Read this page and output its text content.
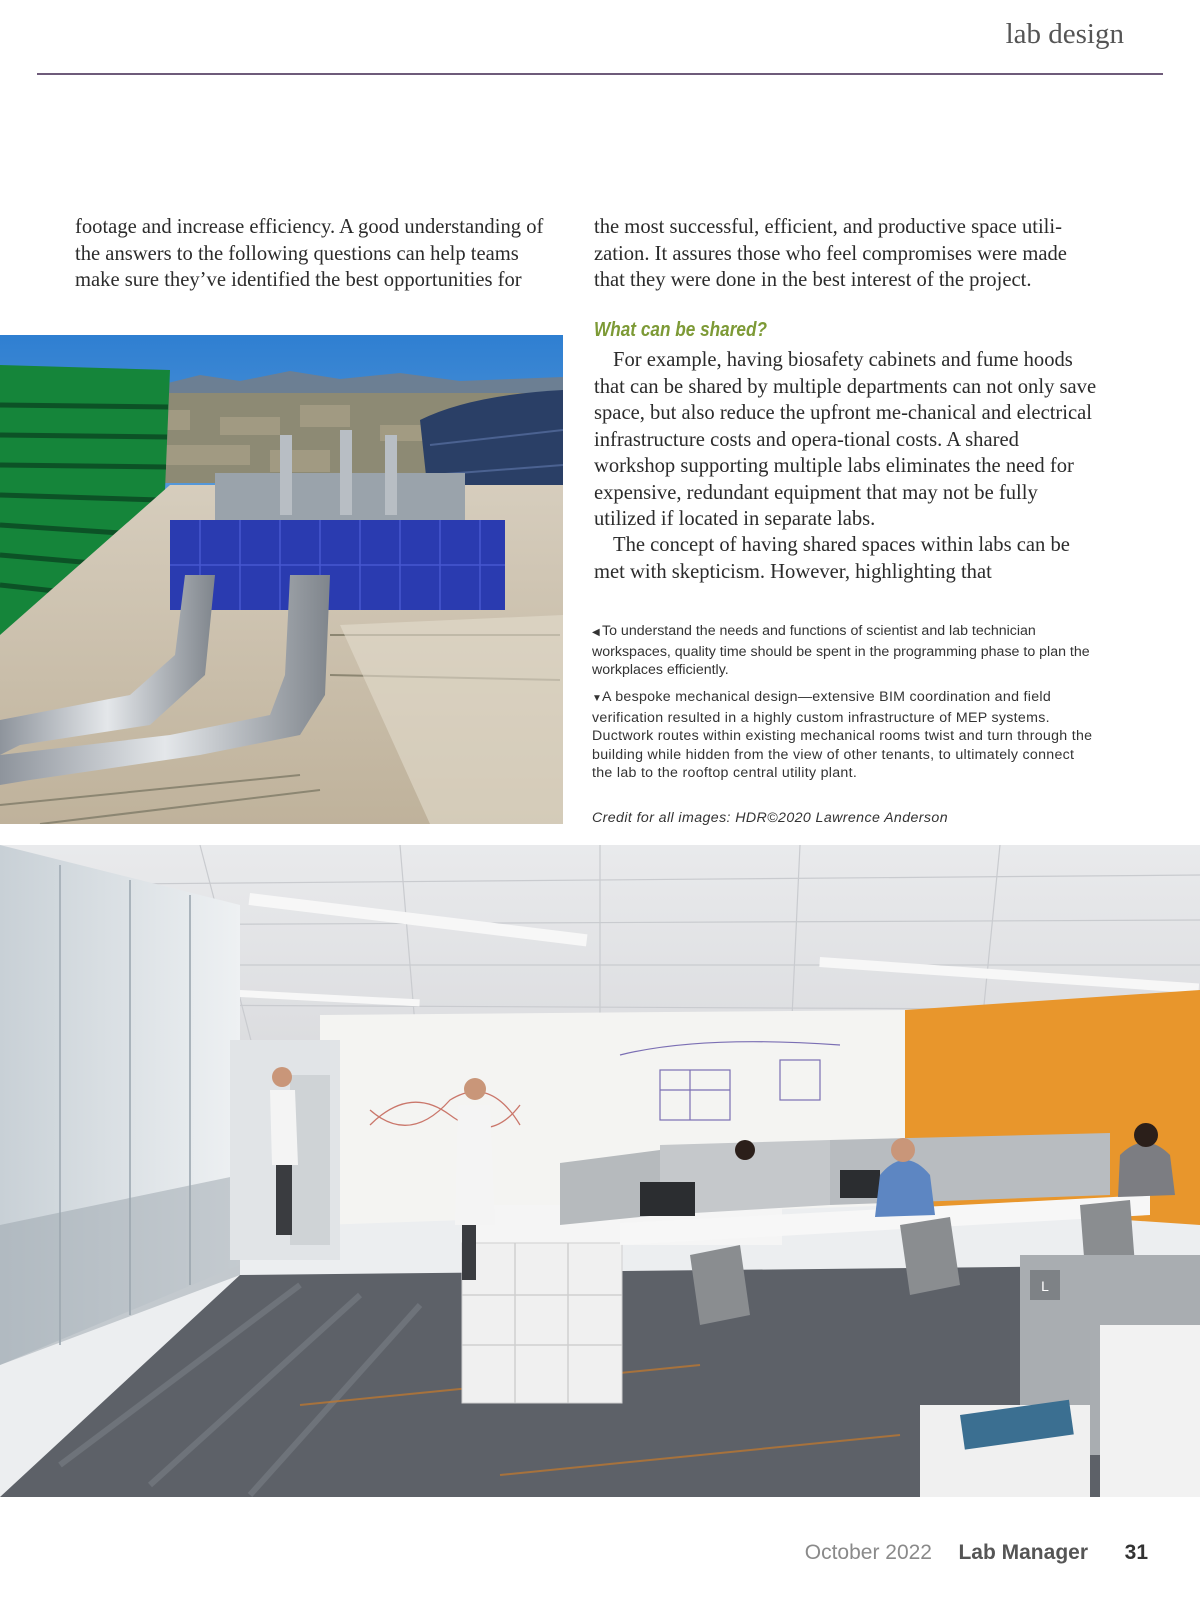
lab design

footage and increase efficiency. A good understanding of the answers to the following questions can help teams make sure they’ve identified the best opportunities for

the most successful, efficient, and productive space utili-zation. It assures those who feel compromises were made that they were done in the best interest of the project.

What can be shared?

For example, having biosafety cabinets and fume hoods that can be shared by multiple departments can not only save space, but also reduce the upfront me-chanical and electrical infrastructure costs and opera-tional costs. A shared workshop supporting multiple labs eliminates the need for expensive, redundant equipment that may not be fully utilized if located in separate labs.

The concept of having shared spaces within labs can be met with skepticism. However, highlighting that

◀ To understand the needs and functions of scientist and lab technician workspaces, quality time should be spent in the programming phase to plan the workplaces efficiently.

▼A bespoke mechanical design—extensive BIM coordination and field verification resulted in a highly custom infrastructure of MEP systems. Ductwork routes within existing mechanical rooms twist and turn through the building while hidden from the view of other tenants, to ultimately connect the lab to the rooftop central utility plant.

Credit for all images: HDR©2020 Lawrence Anderson

L
October 2022 Lab Manager 31
